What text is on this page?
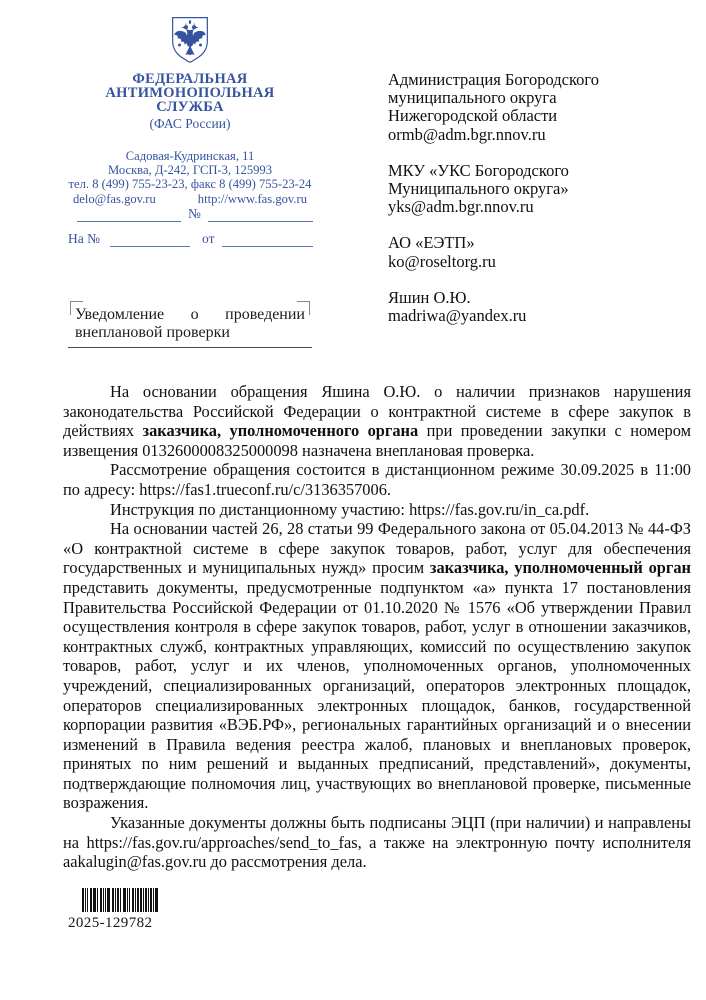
ФЕДЕРАЛЬНАЯ
АНТИМОНОПОЛЬНАЯ
СЛУЖБА
(ФАС России)
Садовая-Кудринская, 11
Москва, Д-242, ГСП-3, 125993
тел. 8 (499) 755-23-23, факс 8 (499) 755-23-24
delo@fas.gov.ru	http://www.fas.gov.ru
№
На №	от
Уведомление о проведении внеплановой проверки
Администрация Богородского
муниципального округа
Нижегородской области
ormb@adm.bgr.nnov.ru
МКУ «УКС Богородского
Муниципального округа»
yks@adm.bgr.nnov.ru
АО «ЕЭТП»
ko@roseltorg.ru
Яшин О.Ю.
madriwa@yandex.ru

На основании обращения Яшина О.Ю. о наличии признаков нарушения законодательства Российской Федерации о контрактной системе в сфере закупок в действиях заказчика, уполномоченного органа при проведении закупки с номером извещения 0132600008325000098 назначена внеплановая проверка.

Рассмотрение обращения состоится в дистанционном режиме 30.09.2025 в 11:00 по адресу: https://fas1.trueconf.ru/c/3136357006.

Инструкция по дистанционному участию: https://fas.gov.ru/in_ca.pdf.

На основании частей 26, 28 статьи 99 Федерального закона от 05.04.2013 № 44-ФЗ «О контрактной системе в сфере закупок товаров, работ, услуг для обеспечения государственных и муниципальных нужд» просим заказчика, уполномоченный орган представить документы, предусмотренные подпунктом «а» пункта 17 постановления Правительства Российской Федерации от 01.10.2020 № 1576 «Об утверждении Правил осуществления контроля в сфере закупок товаров, работ, услуг в отношении заказчиков, контрактных служб, контрактных управляющих, комиссий по осуществлению закупок товаров, работ, услуг и их членов, уполномоченных органов, уполномоченных учреждений, специализированных организаций, операторов электронных площадок, операторов специализированных электронных площадок, банков, государственной корпорации развития «ВЭБ.РФ», региональных гарантийных организаций и о внесении изменений в Правила ведения реестра жалоб, плановых и внеплановых проверок, принятых по ним решений и выданных предписаний, представлений», документы, подтверждающие полномочия лиц, участвующих во внеплановой проверке, письменные возражения.

Указанные документы должны быть подписаны ЭЦП (при наличии) и направлены на https://fas.gov.ru/approaches/send_to_fas, а также на электронную почту исполнителя aakalugin@fas.gov.ru до рассмотрения дела.

2025-129782
